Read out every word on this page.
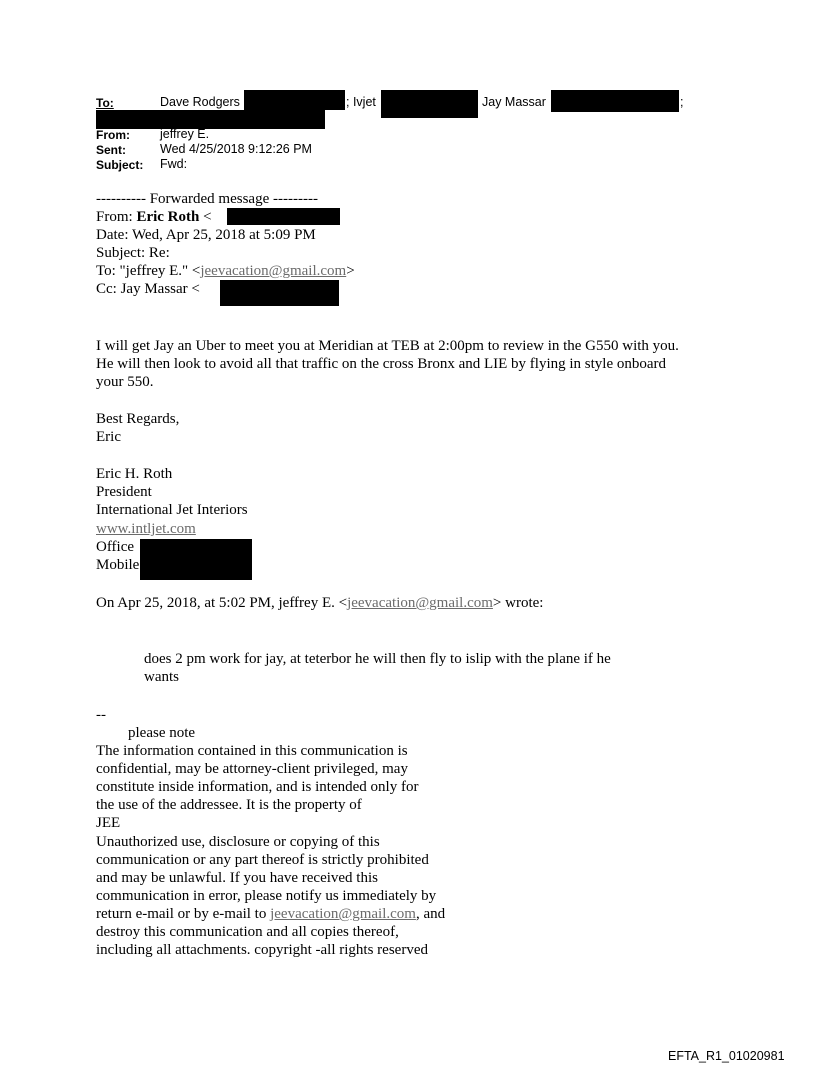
To:	Dave Rodgers	; Ivjet	Jay Massar	;
From: jeffrey E.
Sent:	Wed 4/25/2018 9:12:26 PM
Subject: Fwd:
---------- Forwarded message ---------
From: Eric Roth <
Date: Wed, Apr 25, 2018 at 5:09 PM
Subject: Re:
To: "jeffrey E." <jeevacation@gmail.com>
Cc: Jay Massar <
I will get Jay an Uber to meet you at Meridian at TEB at 2:00pm to review in the G550 with you.
He will then look to avoid all that traffic on the cross Bronx and LIE by flying in style onboard
your 550.
Best Regards,
Eric
Eric H. Roth
President
International Jet Interiors
www.intljet.com
Office
Mobile
On Apr 25, 2018, at 5:02 PM, jeffrey E. <jeevacation@gmail.com> wrote:
does 2 pm work for jay, at teterbor he will then fly to islip with the plane if he
wants
--
please note
The information contained in this communication is
confidential, may be attorney-client privileged, may
constitute inside information, and is intended only for
the use of the addressee. It is the property of
JEE
Unauthorized use, disclosure or copying of this
communication or any part thereof is strictly prohibited
and may be unlawful. If you have received this
communication in error, please notify us immediately by
return e-mail or by e-mail to jeevacation@gmail.com, and
destroy this communication and all copies thereof,
including all attachments. copyright -all rights reserved
EFTA_R1_01020981
